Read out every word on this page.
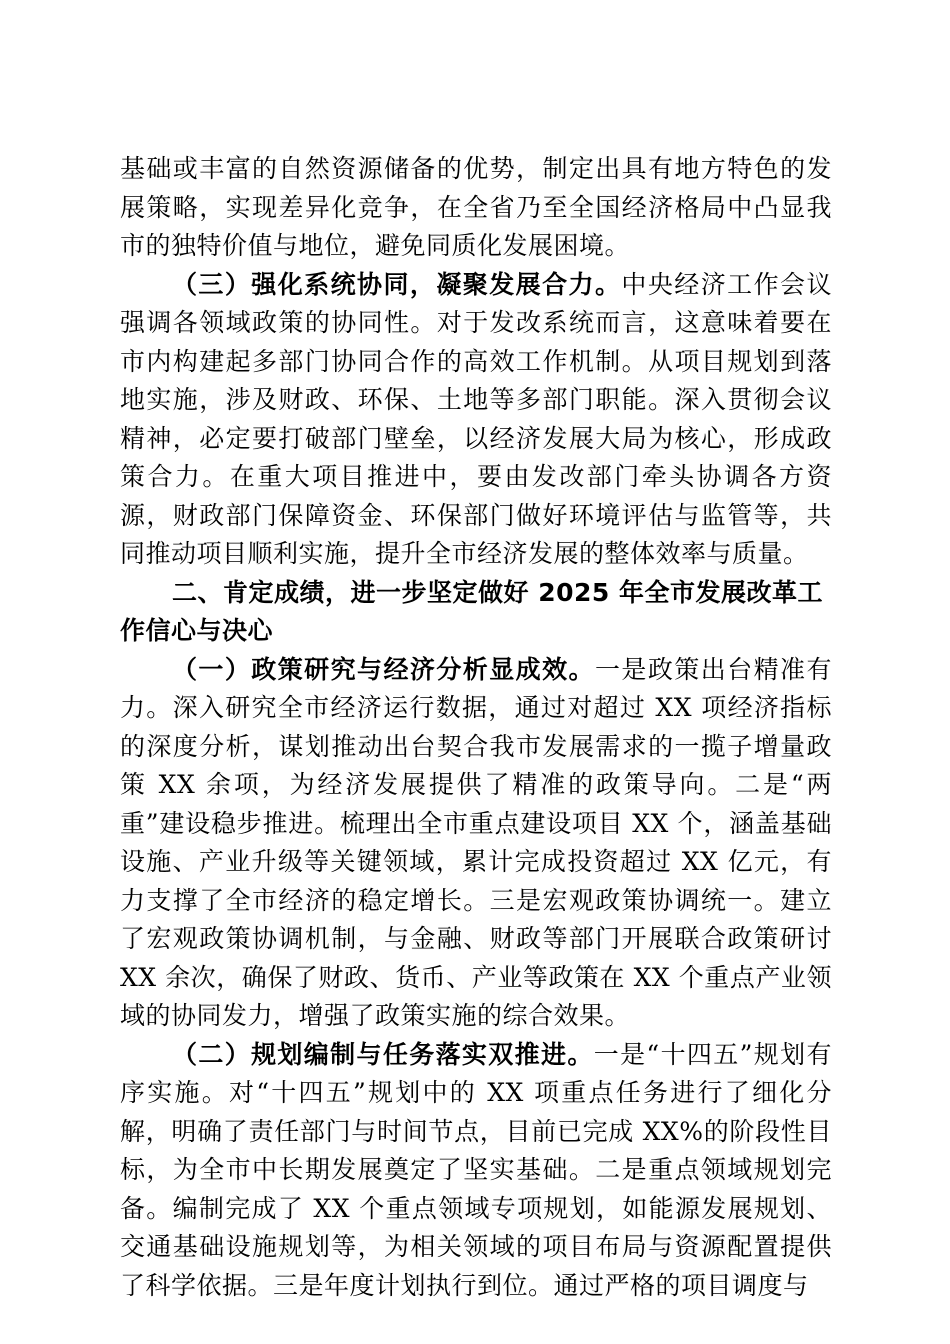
基础或丰富的自然资源储备的优势，制定出具有地方特色的发展策略，实现差异化竞争，在全省乃至全国经济格局中凸显我市的独特价值与地位，避免同质化发展困境。

（三）强化系统协同，凝聚发展合力。中央经济工作会议强调各领域政策的协同性。对于发改系统而言，这意味着要在市内构建起多部门协同合作的高效工作机制。从项目规划到落地实施，涉及财政、环保、土地等多部门职能。深入贯彻会议精神，必定要打破部门壁垒，以经济发展大局为核心，形成政策合力。在重大项目推进中，要由发改部门牵头协调各方资源，财政部门保障资金、环保部门做好环境评估与监管等，共同推动项目顺利实施，提升全市经济发展的整体效率与质量。

二、肯定成绩，进一步坚定做好 2025 年全市发展改革工作信心与决心

（一）政策研究与经济分析显成效。一是政策出台精准有力。深入研究全市经济运行数据，通过对超过 XX 项经济指标的深度分析，谋划推动出台契合我市发展需求的一揽子增量政策 XX 余项，为经济发展提供了精准的政策导向。二是“两重”建设稳步推进。梳理出全市重点建设项目 XX 个，涵盖基础设施、产业升级等关键领域，累计完成投资超过 XX 亿元，有力支撑了全市经济的稳定增长。三是宏观政策协调统一。建立了宏观政策协调机制，与金融、财政等部门开展联合政策研讨 XX 余次，确保了财政、货币、产业等政策在 XX 个重点产业领域的协同发力，增强了政策实施的综合效果。

（二）规划编制与任务落实双推进。一是“十四五”规划有序实施。对“十四五”规划中的 XX 项重点任务进行了细化分解，明确了责任部门与时间节点，目前已完成 XX%的阶段性目标，为全市中长期发展奠定了坚实基础。二是重点领域规划完备。编制完成了 XX 个重点领域专项规划，如能源发展规划、交通基础设施规划等，为相关领域的项目布局与资源配置提供了科学依据。三是年度计划执行到位。通过严格的项目调度与
